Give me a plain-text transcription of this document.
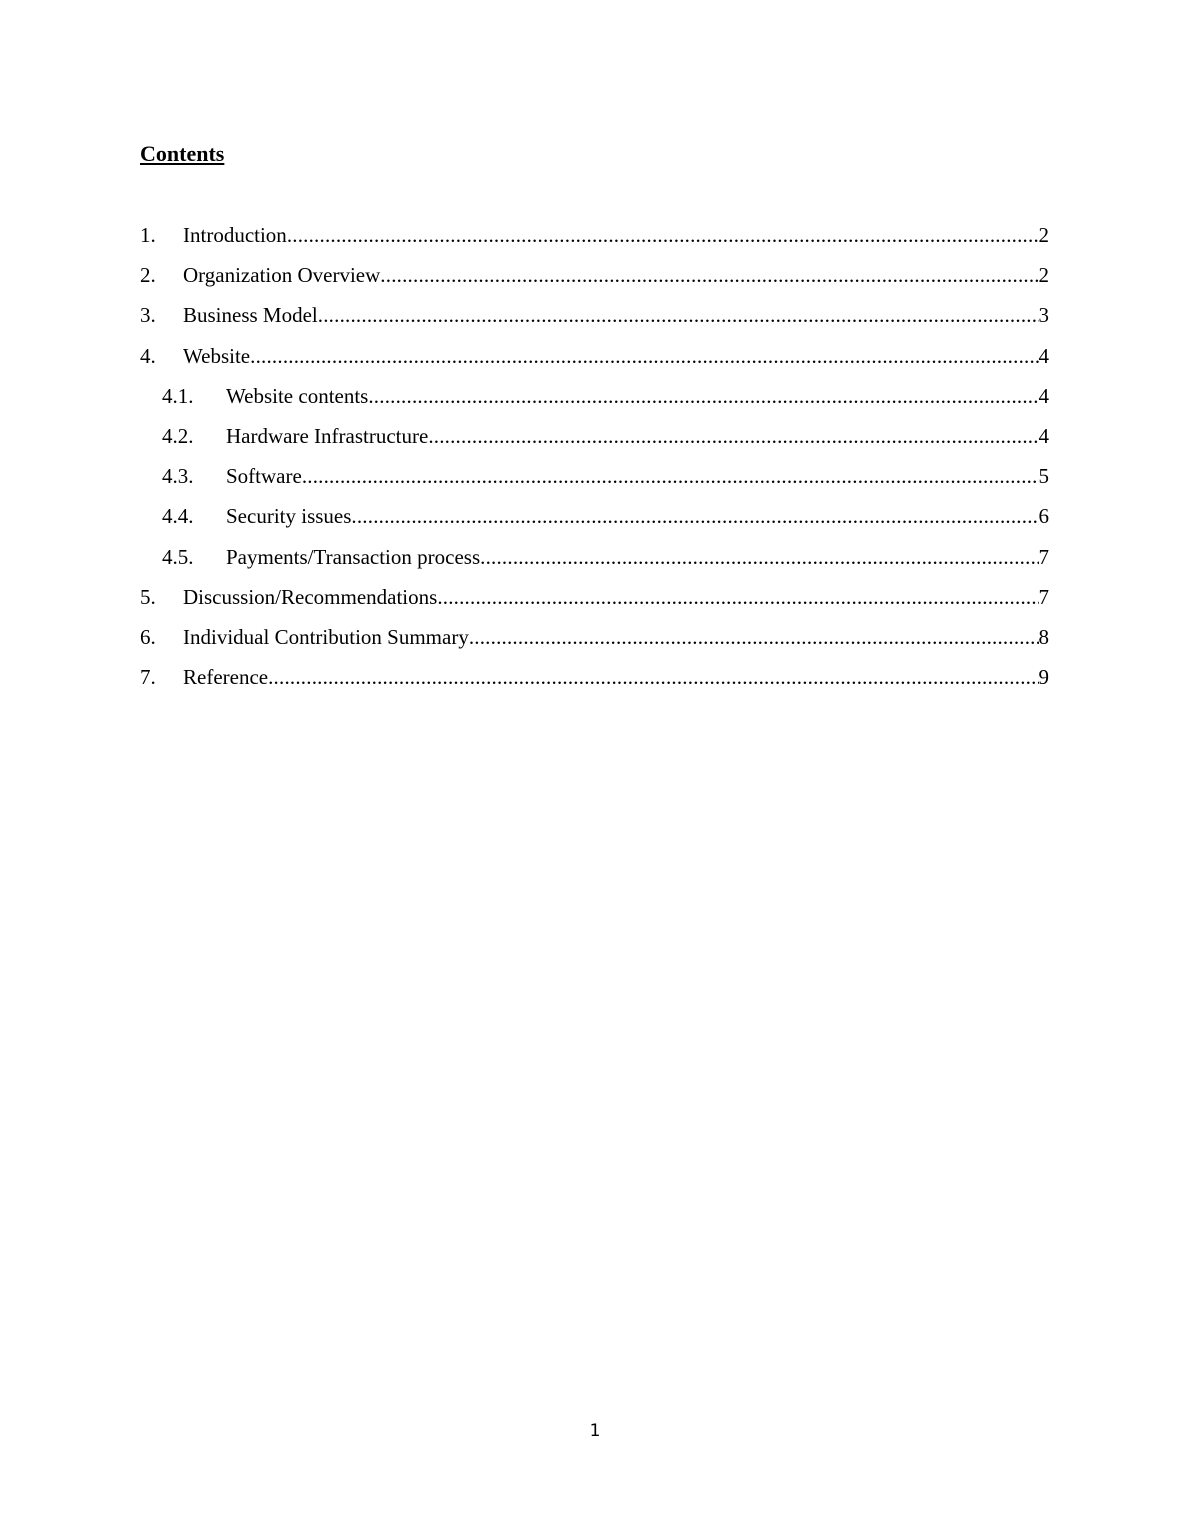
Contents
1.	Introduction .....	2
2.	Organization Overview .....	2
3.	Business Model .....	3
4.	Website .....	4
4.1.	Website contents .....	4
4.2.	Hardware Infrastructure .....	4
4.3.	Software .....	5
4.4.	Security issues .....	6
4.5.	Payments/Transaction process .....	7
5.	Discussion/Recommendations .....	7
6.	Individual Contribution Summary .....	8
7.	Reference .....	9
1
